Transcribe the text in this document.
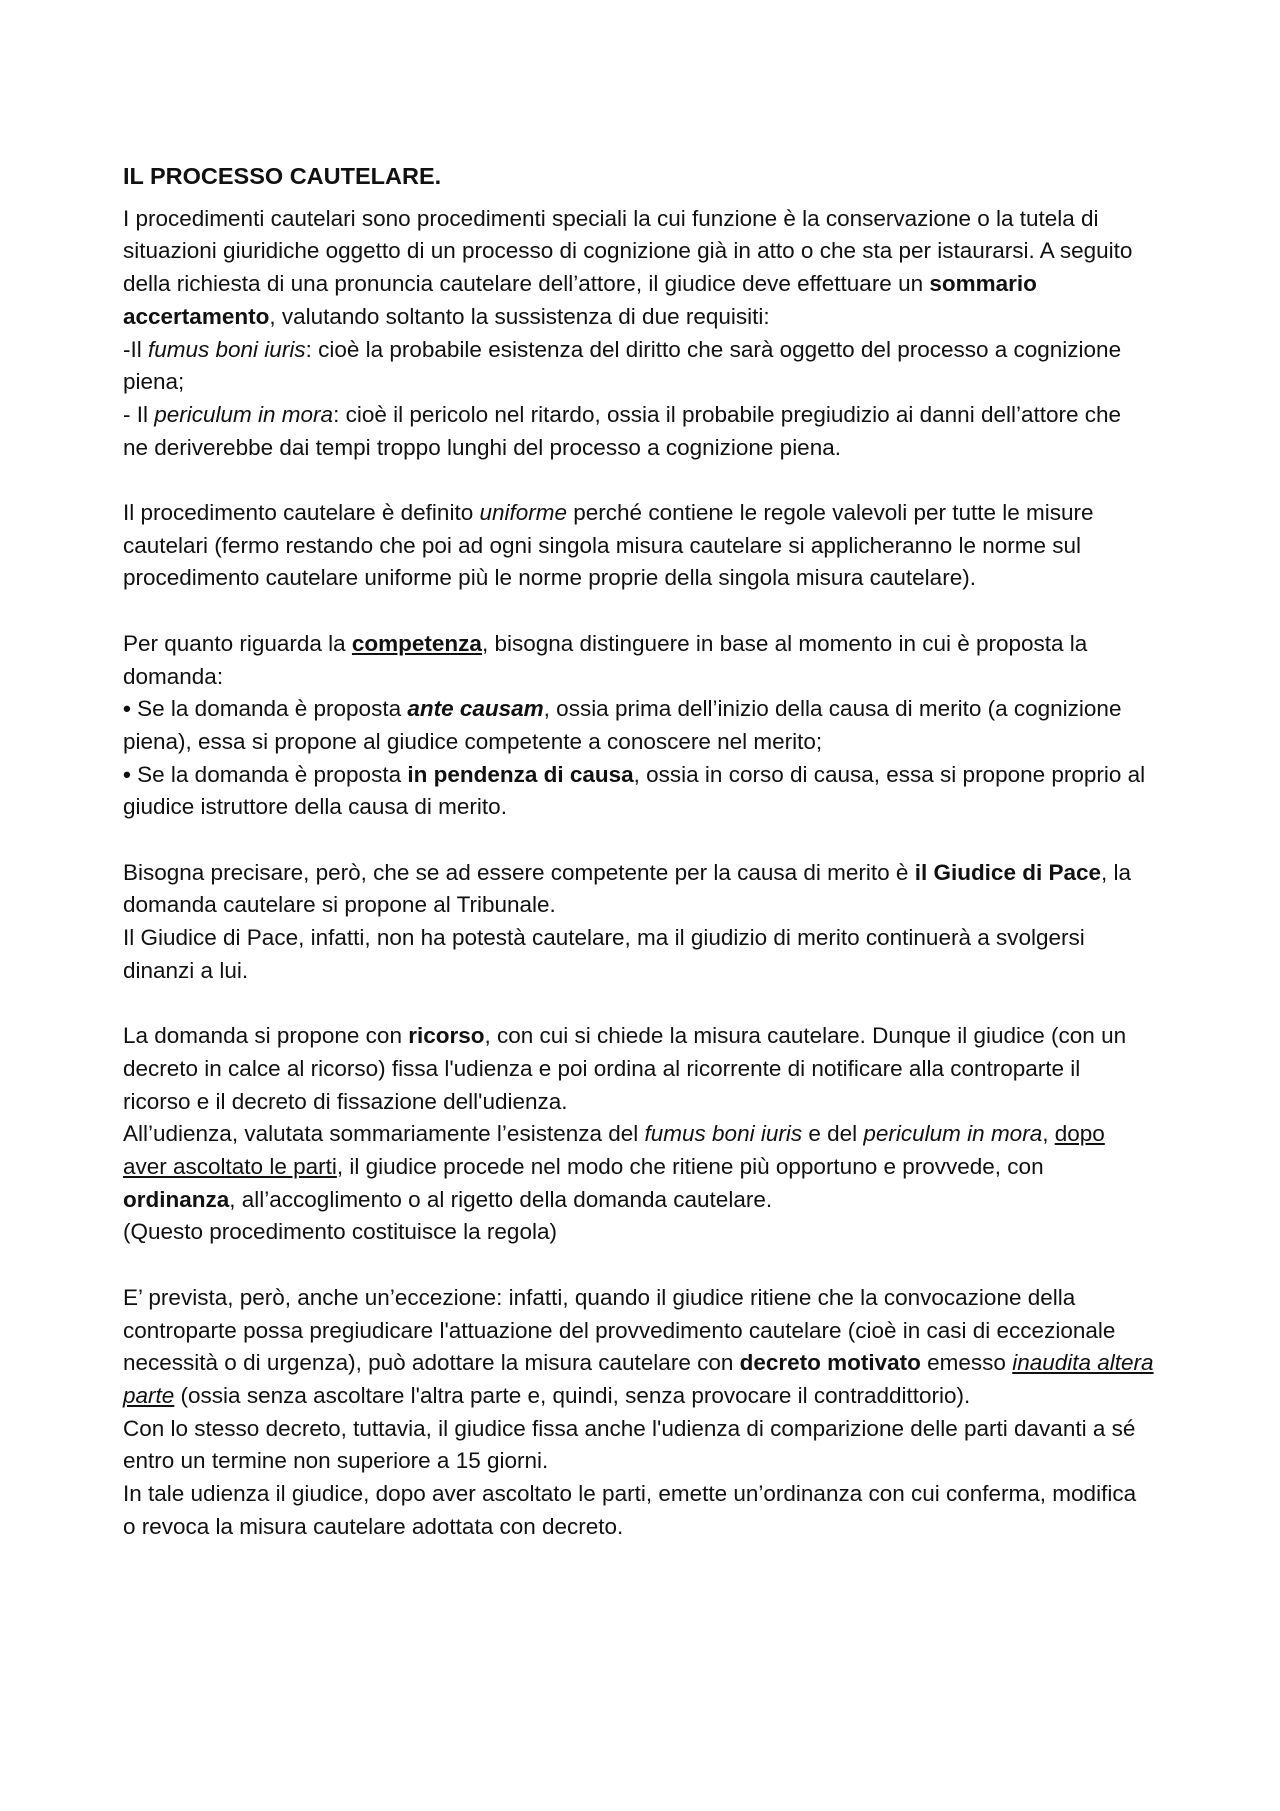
IL PROCESSO CAUTELARE.
I procedimenti cautelari sono procedimenti speciali la cui funzione è la conservazione o la tutela di
situazioni giuridiche oggetto di un processo di cognizione già in atto o che sta per istaurarsi. A seguito
della richiesta di una pronuncia cautelare dell’attore, il giudice deve effettuare un sommario
accertamento, valutando soltanto la sussistenza di due requisiti:
-Il fumus boni iuris: cioè la probabile esistenza del diritto che sarà oggetto del processo a cognizione
piena;
- Il periculum in mora: cioè il pericolo nel ritardo, ossia il probabile pregiudizio ai danni dell’attore che
ne deriverebbe dai tempi troppo lunghi del processo a cognizione piena.
Il procedimento cautelare è definito uniforme perché contiene le regole valevoli per tutte le misure
cautelari (fermo restando che poi ad ogni singola misura cautelare si applicheranno le norme sul
procedimento cautelare uniforme più le norme proprie della singola misura cautelare).
Per quanto riguarda la competenza, bisogna distinguere in base al momento in cui è proposta la
domanda:
• Se la domanda è proposta ante causam, ossia prima dell’inizio della causa di merito (a cognizione
piena), essa si propone al giudice competente a conoscere nel merito;
• Se la domanda è proposta in pendenza di causa, ossia in corso di causa, essa si propone proprio al
giudice istruttore della causa di merito.
Bisogna precisare, però, che se ad essere competente per la causa di merito è il Giudice di Pace, la
domanda cautelare si propone al Tribunale.
Il Giudice di Pace, infatti, non ha potestà cautelare, ma il giudizio di merito continuerà a svolgersi
dinanzi a lui.
La domanda si propone con ricorso, con cui si chiede la misura cautelare. Dunque il giudice (con un
decreto in calce al ricorso) fissa l'udienza e poi ordina al ricorrente di notificare alla controparte il
ricorso e il decreto di fissazione dell'udienza.
All’udienza, valutata sommariamente l’esistenza del fumus boni iuris e del periculum in mora, dopo
aver ascoltato le parti, il giudice procede nel modo che ritiene più opportuno e provvede, con
ordinanza, all’accoglimento o al rigetto della domanda cautelare.
(Questo procedimento costituisce la regola)
E’ prevista, però, anche un’eccezione: infatti, quando il giudice ritiene che la convocazione della
controparte possa pregiudicare l'attuazione del provvedimento cautelare (cioè in casi di eccezionale
necessità o di urgenza), può adottare la misura cautelare con decreto motivato emesso inaudita altera
parte (ossia senza ascoltare l'altra parte e, quindi, senza provocare il contraddittorio).
Con lo stesso decreto, tuttavia, il giudice fissa anche l'udienza di comparizione delle parti davanti a sé
entro un termine non superiore a 15 giorni.
In tale udienza il giudice, dopo aver ascoltato le parti, emette un’ordinanza con cui conferma, modifica
o revoca la misura cautelare adottata con decreto.
